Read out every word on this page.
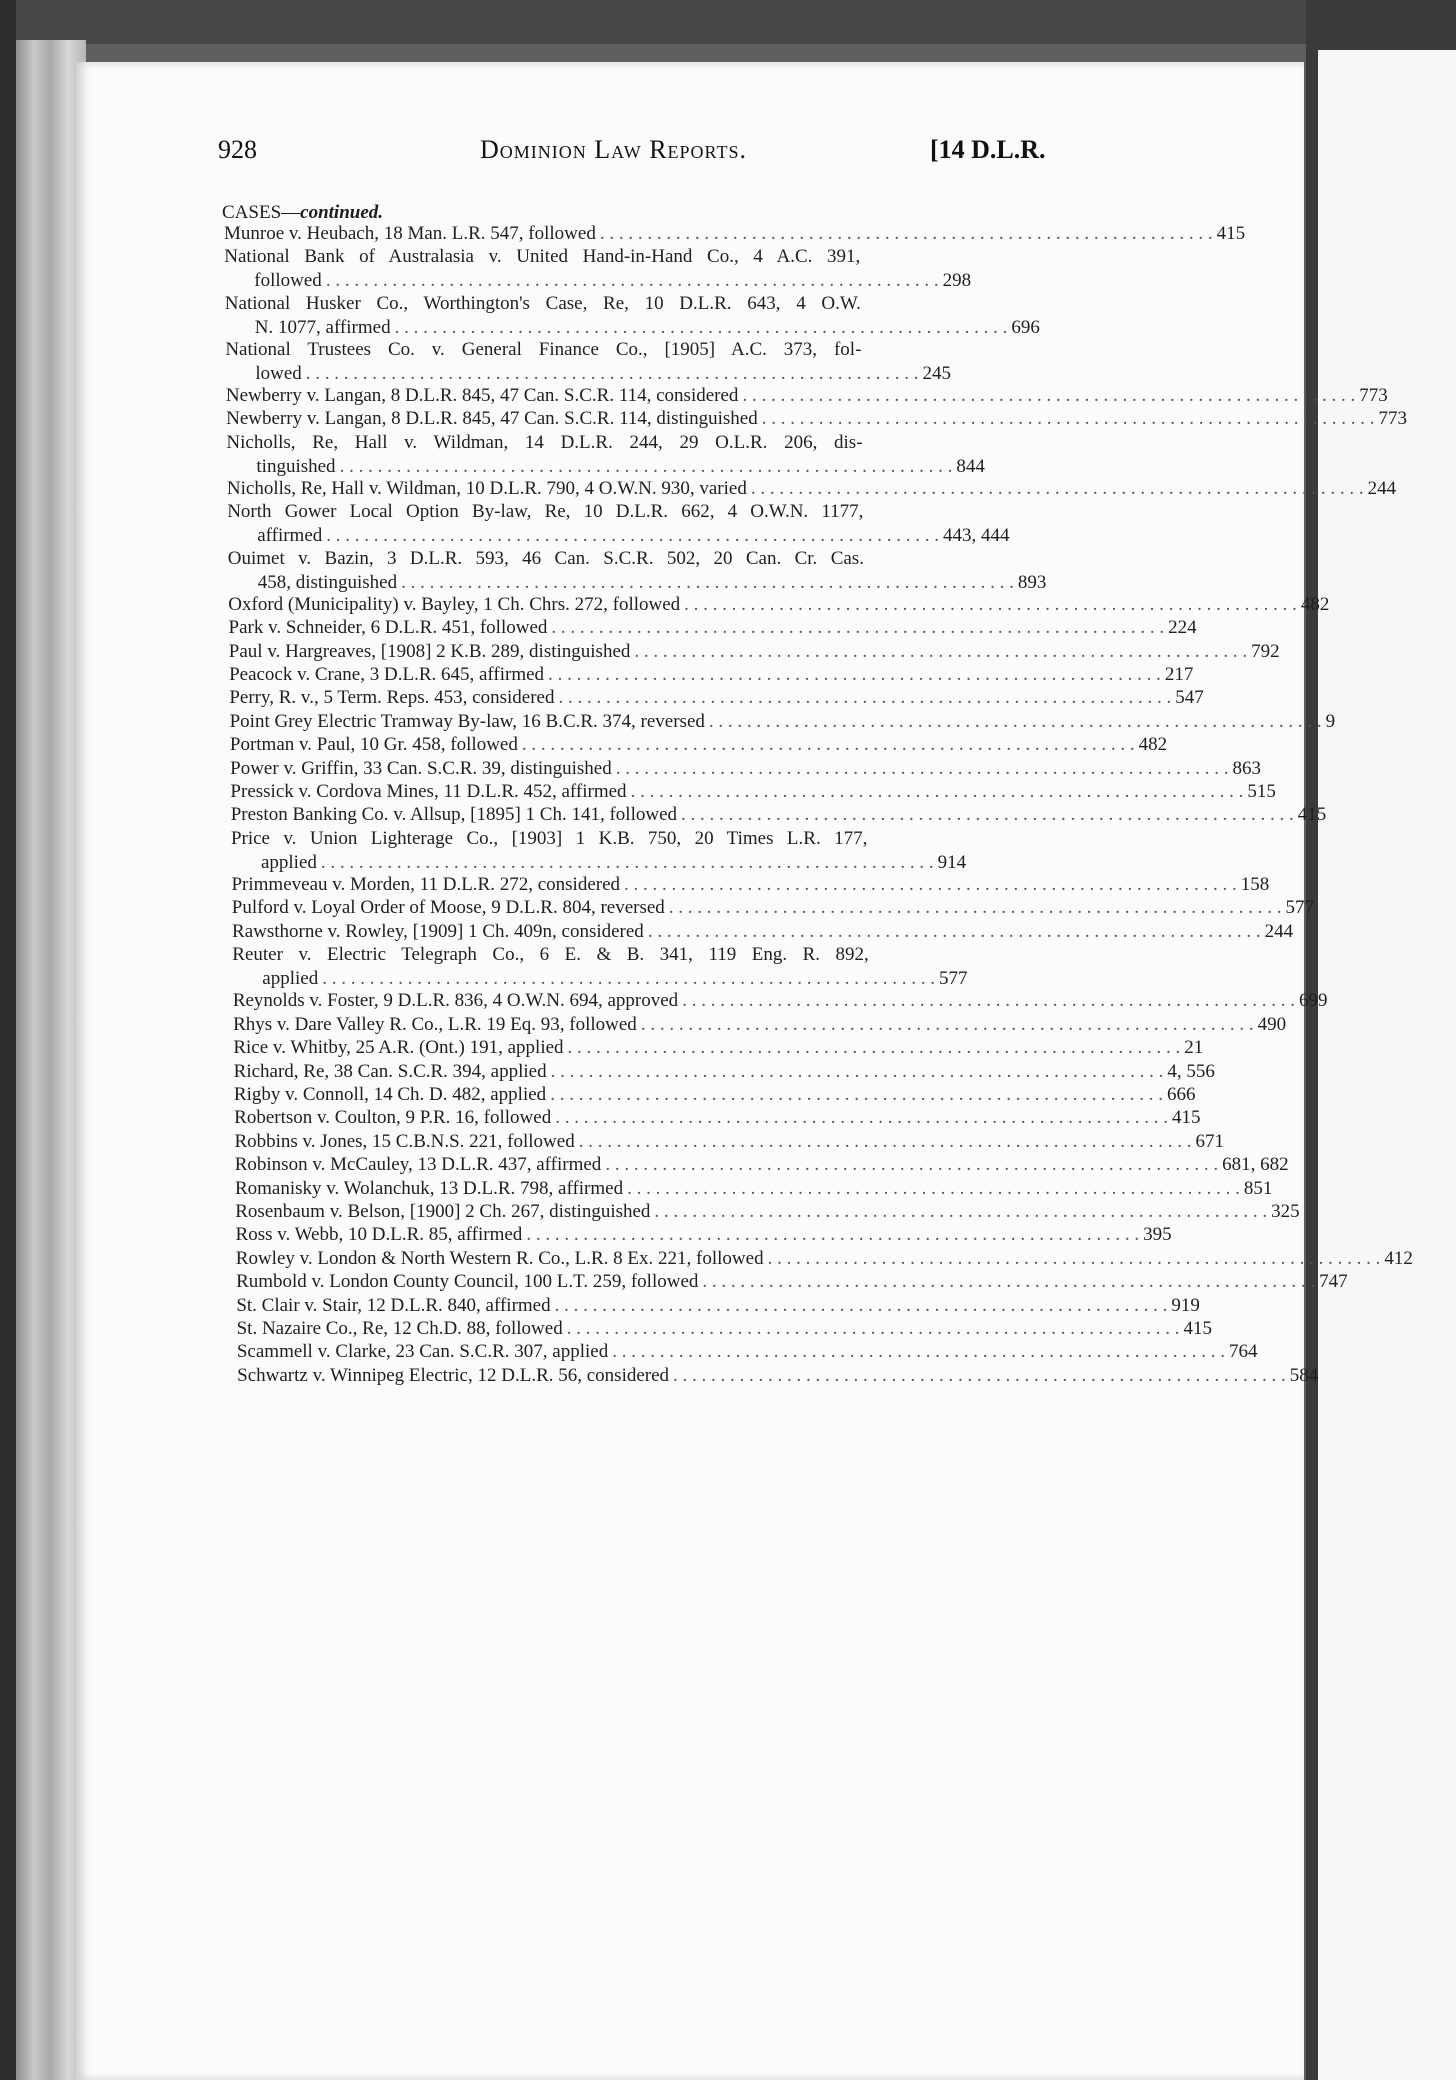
928	Dominion Law Reports.	[14 D.L.R.
CASES—continued.
Munroe v. Heubach, 18 Man. L.R. 547, followed . . . . . . . . . . . . . . . . . . . . . . . . . . . . . . . . . . . . . . . . . . . . . . . . . . . . . . . . . . . . . . . . . 415
National Bank of Australasia v. United Hand-in-Hand Co., 4 A.C. 391,
followed . . . . . . . . . . . . . . . . . . . . . . . . . . . . . . . . . . . . . . . . . . . . . . . . . . . . . . . . . . . . . . . . . 298
National Husker Co., Worthington's Case, Re, 10 D.L.R. 643, 4 O.W.
N. 1077, affirmed . . . . . . . . . . . . . . . . . . . . . . . . . . . . . . . . . . . . . . . . . . . . . . . . . . . . . . . . . . . . . . . . . 696
National Trustees Co. v. General Finance Co., [1905] A.C. 373, fol-
lowed . . . . . . . . . . . . . . . . . . . . . . . . . . . . . . . . . . . . . . . . . . . . . . . . . . . . . . . . . . . . . . . . . 245
Newberry v. Langan, 8 D.L.R. 845, 47 Can. S.C.R. 114, considered . . . . . . . . . . . . . . . . . . . . . . . . . . . . . . . . . . . . . . . . . . . . . . . . . . . . . . . . . . . . . . . . . 773
Newberry v. Langan, 8 D.L.R. 845, 47 Can. S.C.R. 114, distinguished . . . . . . . . . . . . . . . . . . . . . . . . . . . . . . . . . . . . . . . . . . . . . . . . . . . . . . . . . . . . . . . . . 773
Nicholls, Re, Hall v. Wildman, 14 D.L.R. 244, 29 O.L.R. 206, dis-
tinguished . . . . . . . . . . . . . . . . . . . . . . . . . . . . . . . . . . . . . . . . . . . . . . . . . . . . . . . . . . . . . . . . . 844
Nicholls, Re, Hall v. Wildman, 10 D.L.R. 790, 4 O.W.N. 930, varied . . . . . . . . . . . . . . . . . . . . . . . . . . . . . . . . . . . . . . . . . . . . . . . . . . . . . . . . . . . . . . . . . 244
North Gower Local Option By-law, Re, 10 D.L.R. 662, 4 O.W.N. 1177,
affirmed . . . . . . . . . . . . . . . . . . . . . . . . . . . . . . . . . . . . . . . . . . . . . . . . . . . . . . . . . . . . . . . . . 443, 444
Ouimet v. Bazin, 3 D.L.R. 593, 46 Can. S.C.R. 502, 20 Can. Cr. Cas.
458, distinguished . . . . . . . . . . . . . . . . . . . . . . . . . . . . . . . . . . . . . . . . . . . . . . . . . . . . . . . . . . . . . . . . . 893
Oxford (Municipality) v. Bayley, 1 Ch. Chrs. 272, followed . . . . . . . . . . . . . . . . . . . . . . . . . . . . . . . . . . . . . . . . . . . . . . . . . . . . . . . . . . . . . . . . . 482
Park v. Schneider, 6 D.L.R. 451, followed . . . . . . . . . . . . . . . . . . . . . . . . . . . . . . . . . . . . . . . . . . . . . . . . . . . . . . . . . . . . . . . . . 224
Paul v. Hargreaves, [1908] 2 K.B. 289, distinguished . . . . . . . . . . . . . . . . . . . . . . . . . . . . . . . . . . . . . . . . . . . . . . . . . . . . . . . . . . . . . . . . . 792
Peacock v. Crane, 3 D.L.R. 645, affirmed . . . . . . . . . . . . . . . . . . . . . . . . . . . . . . . . . . . . . . . . . . . . . . . . . . . . . . . . . . . . . . . . . 217
Perry, R. v., 5 Term. Reps. 453, considered . . . . . . . . . . . . . . . . . . . . . . . . . . . . . . . . . . . . . . . . . . . . . . . . . . . . . . . . . . . . . . . . . 547
Point Grey Electric Tramway By-law, 16 B.C.R. 374, reversed . . . . . . . . . . . . . . . . . . . . . . . . . . . . . . . . . . . . . . . . . . . . . . . . . . . . . . . . . . . . . . . . . 9
Portman v. Paul, 10 Gr. 458, followed . . . . . . . . . . . . . . . . . . . . . . . . . . . . . . . . . . . . . . . . . . . . . . . . . . . . . . . . . . . . . . . . . 482
Power v. Griffin, 33 Can. S.C.R. 39, distinguished . . . . . . . . . . . . . . . . . . . . . . . . . . . . . . . . . . . . . . . . . . . . . . . . . . . . . . . . . . . . . . . . . 863
Pressick v. Cordova Mines, 11 D.L.R. 452, affirmed . . . . . . . . . . . . . . . . . . . . . . . . . . . . . . . . . . . . . . . . . . . . . . . . . . . . . . . . . . . . . . . . . 515
Preston Banking Co. v. Allsup, [1895] 1 Ch. 141, followed . . . . . . . . . . . . . . . . . . . . . . . . . . . . . . . . . . . . . . . . . . . . . . . . . . . . . . . . . . . . . . . . . 415
Price v. Union Lighterage Co., [1903] 1 K.B. 750, 20 Times L.R. 177,
applied . . . . . . . . . . . . . . . . . . . . . . . . . . . . . . . . . . . . . . . . . . . . . . . . . . . . . . . . . . . . . . . . . 914
Primmeveau v. Morden, 11 D.L.R. 272, considered . . . . . . . . . . . . . . . . . . . . . . . . . . . . . . . . . . . . . . . . . . . . . . . . . . . . . . . . . . . . . . . . . 158
Pulford v. Loyal Order of Moose, 9 D.L.R. 804, reversed . . . . . . . . . . . . . . . . . . . . . . . . . . . . . . . . . . . . . . . . . . . . . . . . . . . . . . . . . . . . . . . . . 577
Rawsthorne v. Rowley, [1909] 1 Ch. 409n, considered . . . . . . . . . . . . . . . . . . . . . . . . . . . . . . . . . . . . . . . . . . . . . . . . . . . . . . . . . . . . . . . . . 244
Reuter v. Electric Telegraph Co., 6 E. & B. 341, 119 Eng. R. 892,
applied . . . . . . . . . . . . . . . . . . . . . . . . . . . . . . . . . . . . . . . . . . . . . . . . . . . . . . . . . . . . . . . . . 577
Reynolds v. Foster, 9 D.L.R. 836, 4 O.W.N. 694, approved . . . . . . . . . . . . . . . . . . . . . . . . . . . . . . . . . . . . . . . . . . . . . . . . . . . . . . . . . . . . . . . . . 699
Rhys v. Dare Valley R. Co., L.R. 19 Eq. 93, followed . . . . . . . . . . . . . . . . . . . . . . . . . . . . . . . . . . . . . . . . . . . . . . . . . . . . . . . . . . . . . . . . . 490
Rice v. Whitby, 25 A.R. (Ont.) 191, applied . . . . . . . . . . . . . . . . . . . . . . . . . . . . . . . . . . . . . . . . . . . . . . . . . . . . . . . . . . . . . . . . . 21
Richard, Re, 38 Can. S.C.R. 394, applied . . . . . . . . . . . . . . . . . . . . . . . . . . . . . . . . . . . . . . . . . . . . . . . . . . . . . . . . . . . . . . . . . 4, 556
Rigby v. Connoll, 14 Ch. D. 482, applied . . . . . . . . . . . . . . . . . . . . . . . . . . . . . . . . . . . . . . . . . . . . . . . . . . . . . . . . . . . . . . . . . 666
Robertson v. Coulton, 9 P.R. 16, followed . . . . . . . . . . . . . . . . . . . . . . . . . . . . . . . . . . . . . . . . . . . . . . . . . . . . . . . . . . . . . . . . . 415
Robbins v. Jones, 15 C.B.N.S. 221, followed . . . . . . . . . . . . . . . . . . . . . . . . . . . . . . . . . . . . . . . . . . . . . . . . . . . . . . . . . . . . . . . . . 671
Robinson v. McCauley, 13 D.L.R. 437, affirmed . . . . . . . . . . . . . . . . . . . . . . . . . . . . . . . . . . . . . . . . . . . . . . . . . . . . . . . . . . . . . . . . . 681, 682
Romanisky v. Wolanchuk, 13 D.L.R. 798, affirmed . . . . . . . . . . . . . . . . . . . . . . . . . . . . . . . . . . . . . . . . . . . . . . . . . . . . . . . . . . . . . . . . . 851
Rosenbaum v. Belson, [1900] 2 Ch. 267, distinguished . . . . . . . . . . . . . . . . . . . . . . . . . . . . . . . . . . . . . . . . . . . . . . . . . . . . . . . . . . . . . . . . . 325
Ross v. Webb, 10 D.L.R. 85, affirmed . . . . . . . . . . . . . . . . . . . . . . . . . . . . . . . . . . . . . . . . . . . . . . . . . . . . . . . . . . . . . . . . . 395
Rowley v. London & North Western R. Co., L.R. 8 Ex. 221, followed . . . . . . . . . . . . . . . . . . . . . . . . . . . . . . . . . . . . . . . . . . . . . . . . . . . . . . . . . . . . . . . . . 412
Rumbold v. London County Council, 100 L.T. 259, followed . . . . . . . . . . . . . . . . . . . . . . . . . . . . . . . . . . . . . . . . . . . . . . . . . . . . . . . . . . . . . . . . . 747
St. Clair v. Stair, 12 D.L.R. 840, affirmed . . . . . . . . . . . . . . . . . . . . . . . . . . . . . . . . . . . . . . . . . . . . . . . . . . . . . . . . . . . . . . . . . 919
St. Nazaire Co., Re, 12 Ch.D. 88, followed . . . . . . . . . . . . . . . . . . . . . . . . . . . . . . . . . . . . . . . . . . . . . . . . . . . . . . . . . . . . . . . . . 415
Scammell v. Clarke, 23 Can. S.C.R. 307, applied . . . . . . . . . . . . . . . . . . . . . . . . . . . . . . . . . . . . . . . . . . . . . . . . . . . . . . . . . . . . . . . . . 764
Schwartz v. Winnipeg Electric, 12 D.L.R. 56, considered . . . . . . . . . . . . . . . . . . . . . . . . . . . . . . . . . . . . . . . . . . . . . . . . . . . . . . . . . . . . . . . . . 584
